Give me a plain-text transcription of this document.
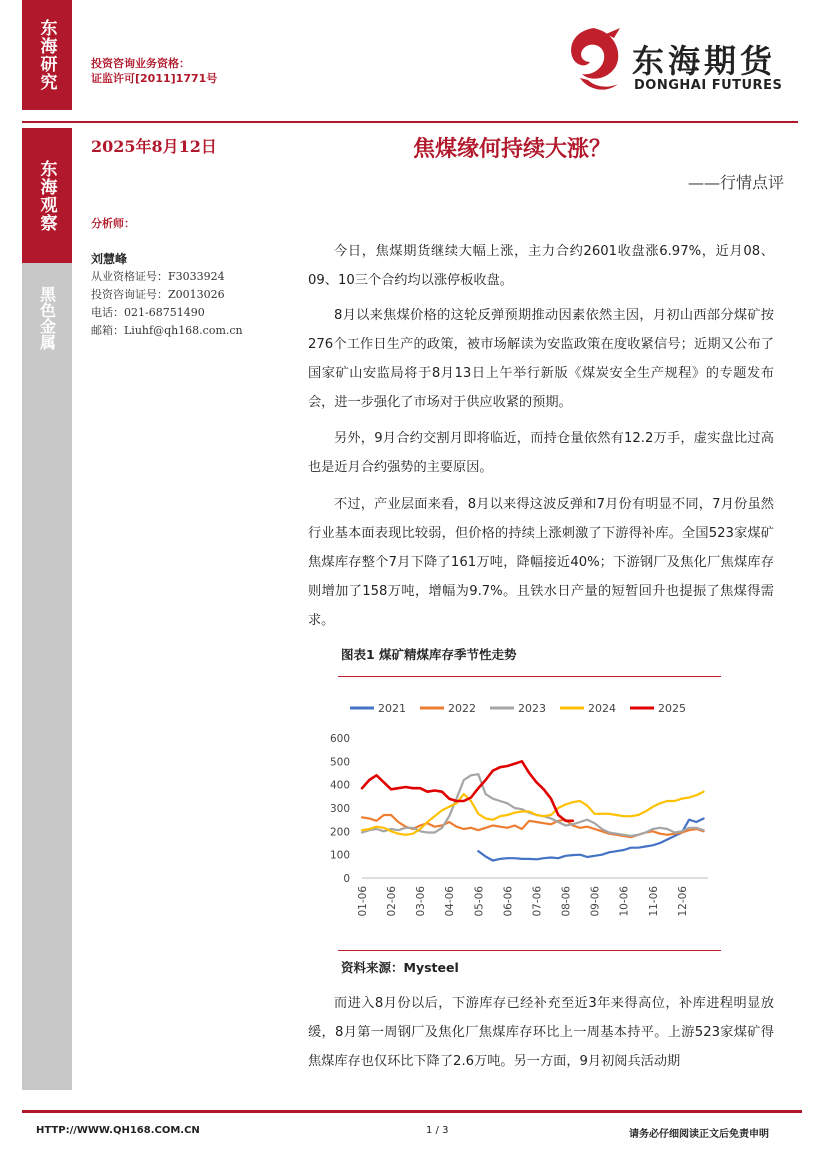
东海研究	投资咨询业务资格：
证监许可[2011]1771号	东海期货
DONGHAI FUTURES
东海观察
黑色金属
2025年8月12日	焦煤缘何持续大涨？
——行情点评
分析师：
刘慧峰
从业资格证号：F3033924
投资咨询证号：Z0013026
电话：021-68751490
邮箱：Liuhf@qh168.com.cn

今日，焦煤期货继续大幅上涨，主力合约2601收盘涨6.97%，近月08、09、10三个合约均以涨停板收盘。

8月以来焦煤价格的这轮反弹预期推动因素依然主因，月初山西部分煤矿按276个工作日生产的政策，被市场解读为安监政策在度收紧信号；近期又公布了国家矿山安监局将于8月13日上午举行新版《煤炭安全生产规程》的专题发布会，进一步强化了市场对于供应收紧的预期。

另外，9月合约交割月即将临近，而持仓量依然有12.2万手，虚实盘比过高也是近月合约强势的主要原因。

不过，产业层面来看，8月以来得这波反弹和7月份有明显不同，7月份虽然行业基本面表现比较弱，但价格的持续上涨刺激了下游得补库。全国523家煤矿焦煤库存整个7月下降了161万吨，降幅接近40%；下游钢厂及焦化厂焦煤库存则增加了158万吨，增幅为9.7%。且铁水日产量的短暂回升也提振了焦煤得需求。

图表1 煤矿精煤库存季节性走势
2021	2022	2023	2024	2025
0
100
200
300
400
500
600
01-06 02-06 03-06 04-06 05-06 06-06 07-06 08-06 09-06 10-06 11-06 12-06
资料来源：Mysteel

而进入8月份以后，下游库存已经补充至近3年来得高位，补库进程明显放缓，8月第一周钢厂及焦化厂焦煤库存环比上一周基本持平。上游523家煤矿得焦煤库存也仅环比下降了2.6万吨。另一方面，9月初阅兵活动期

HTTP://WWW.QH168.COM.CN	1 / 3	请务必仔细阅读正文后免责申明
